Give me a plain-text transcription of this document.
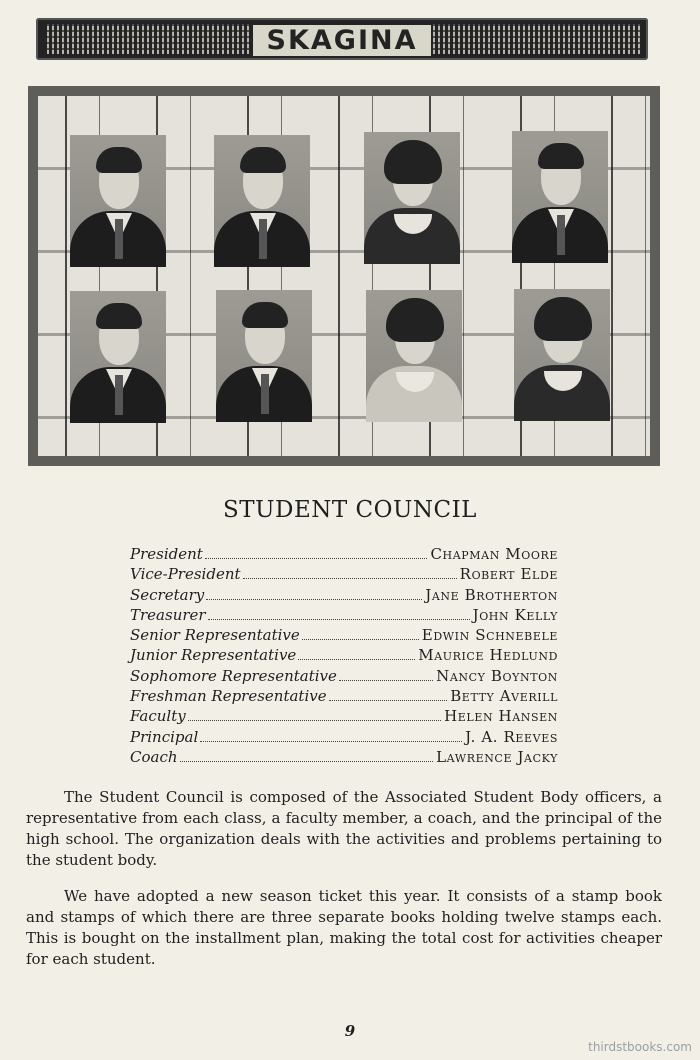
SKAGINA
STUDENT COUNCIL
President	Chapman Moore
Vice-President	Robert Elde
Secretary	Jane Brotherton
Treasurer	John Kelly
Senior Representative	Edwin Schnebele
Junior Representative	Maurice Hedlund
Sophomore Representative	Nancy Boynton
Freshman Representative	Betty Averill
Faculty	Helen Hansen
Principal	J. A. Reeves
Coach	Lawrence Jacky

The Student Council is composed of the Associated Student Body officers, a representative from each class, a faculty member, a coach, and the principal of the high school. The organization deals with the activities and problems pertaining to the student body.

We have adopted a new season ticket this year. It consists of a stamp book and stamps of which there are three separate books holding twelve stamps each. This is bought on the installment plan, making the total cost for activities cheaper for each student.

9
thirdstbooks.com
